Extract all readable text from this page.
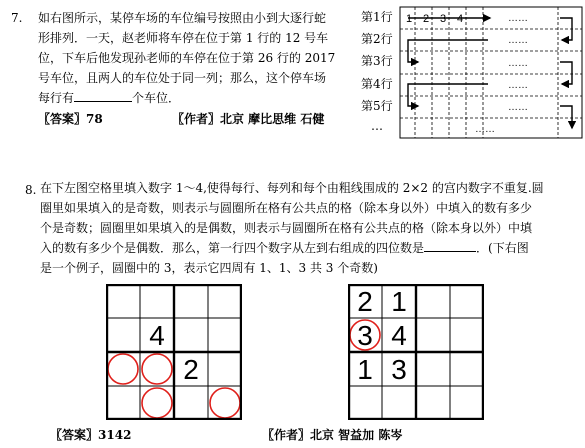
7. 如右图所示，某停车场的车位编号按照由小到大逐行蛇
形排列．一天，赵老师将车停在位于第 1 行的 12 号车
位，下车后他发现孙老师的车停在位于第 26 行的 2017
号车位，且两人的车位处于同一列；那么，这个停车场
每行有	个车位．
〖答案〗78	〖作者〗北京 摩比思维 石健
第1行
第2行
第3行
第4行
第5行
…
1 2 3 4	……
……
……
……
……
……
8. 在下左图空格里填入数字 1～4,使得每行、每列和每个由粗线围成的 2×2 的宫内数字不重复.圆
圈里如果填入的是奇数，则表示与圆圈所在格有公共点的格（除本身以外）中填入的数有多少
个是奇数；圆圈里如果填入的是偶数，则表示与圆圈所在格有公共点的格（除本身以外）中填
入的数有多少个是偶数．那么，第一行四个数字从左到右组成的四位数是	．(下右图
是一个例子，圆圈中的 3，表示它四周有 1、1、3 共 3 个奇数)
4
2
2 1
3 4
1 3
〖答案〗3142	〖作者〗北京 智益加 陈岑
